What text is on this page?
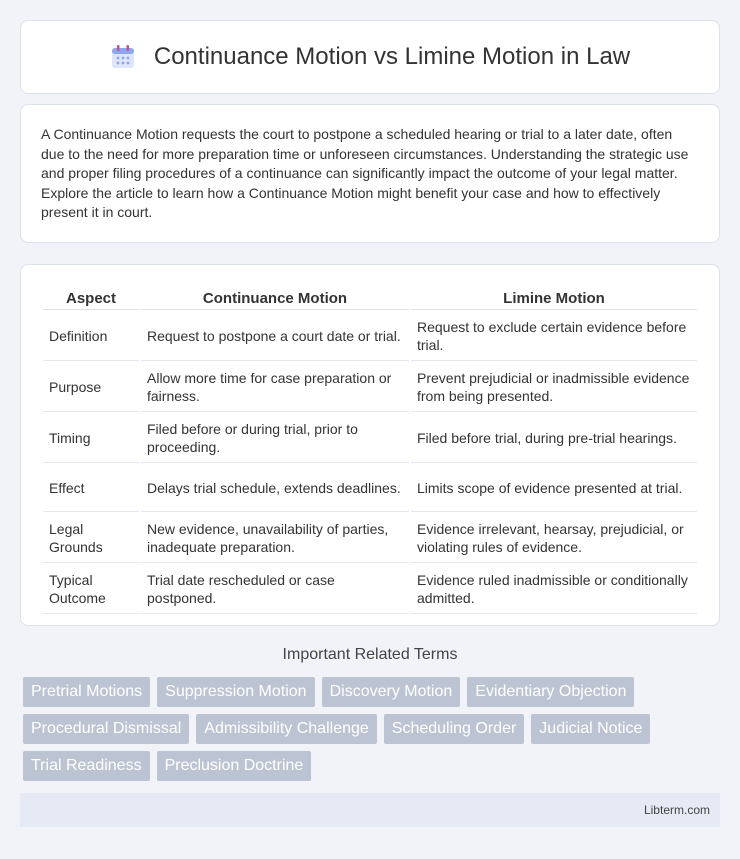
Continuance Motion vs Limine Motion in Law

A Continuance Motion requests the court to postpone a scheduled hearing or trial to a later date, often due to the need for more preparation time or unforeseen circumstances. Understanding the strategic use and proper filing procedures of a continuance can significantly impact the outcome of your legal matter. Explore the article to learn how a Continuance Motion might benefit your case and how to effectively present it in court.

Aspect	Continuance Motion	Limine Motion
Definition	Request to postpone a court date or trial.	Request to exclude certain evidence before trial.
Purpose	Allow more time for case preparation or fairness.	Prevent prejudicial or inadmissible evidence from being presented.
Timing	Filed before or during trial, prior to proceeding.	Filed before trial, during pre-trial hearings.
Effect	Delays trial schedule, extends deadlines.	Limits scope of evidence presented at trial.
Legal Grounds	New evidence, unavailability of parties, inadequate preparation.	Evidence irrelevant, hearsay, prejudicial, or violating rules of evidence.
Typical Outcome	Trial date rescheduled or case postponed.	Evidence ruled inadmissible or conditionally admitted.
Important Related Terms
Pretrial Motions	Suppression Motion	Discovery Motion	Evidentiary Objection
Procedural Dismissal	Admissibility Challenge	Scheduling Order	Judicial Notice
Trial Readiness	Preclusion Doctrine
Libterm.com
